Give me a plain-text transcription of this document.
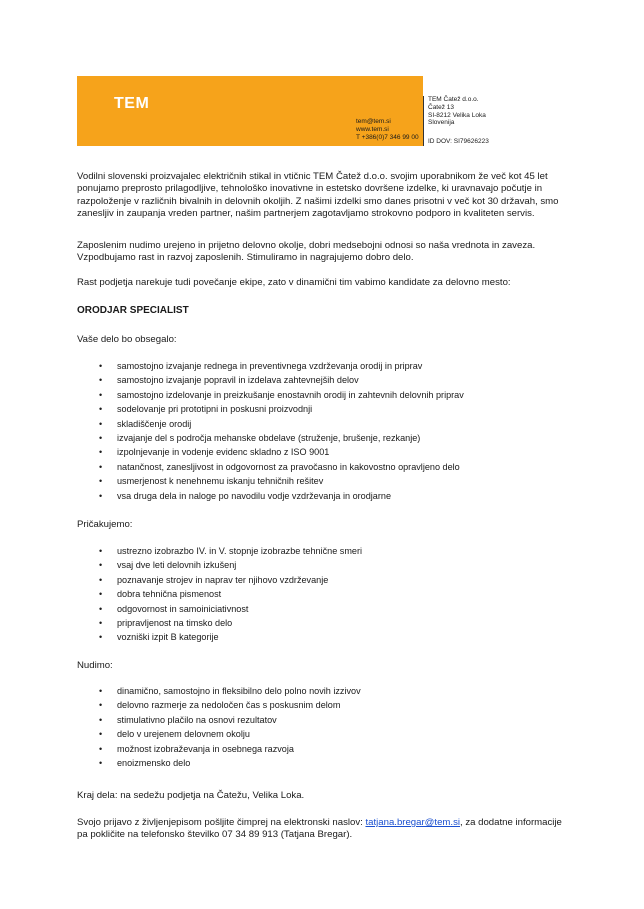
TEM
tem@tem.si
www.tem.si
T +386(0)7 346 99 00
TEM Čatež d.o.o.
Čatež 13
SI-8212 Velika Loka
Slovenija
ID DOV: SI79626223

Vodilni slovenski proizvajalec električnih stikal in vtičnic TEM Čatež d.o.o. svojim uporabnikom že več kot 45 let ponujamo preprosto prilagodljive, tehnološko inovativne in estetsko dovršene izdelke, ki uravnavajo počutje in razpoloženje v različnih bivalnih in delovnih okoljih. Z našimi izdelki smo danes prisotni v več kot 30 državah, smo zanesljiv in zaupanja vreden partner, našim partnerjem zagotavljamo strokovno podporo in kvaliteten servis.

Zaposlenim nudimo urejeno in prijetno delovno okolje, dobri medsebojni odnosi so naša vrednota in zaveza. Vzpodbujamo rast in razvoj zaposlenih. Stimuliramo in nagrajujemo dobro delo.

Rast podjetja narekuje tudi povečanje ekipe, zato v dinamični tim vabimo kandidate za delovno mesto:

ORODJAR SPECIALIST
Vaše delo bo obsegalo:
• samostojno izvajanje rednega in preventivnega vzdrževanja orodij in priprav
• samostojno izvajanje popravil in izdelava zahtevnejših delov
• samostojno izdelovanje in preizkušanje enostavnih orodij in zahtevnih delovnih priprav
• sodelovanje pri prototipni in poskusni proizvodnji
• skladiščenje orodij
• izvajanje del s področja mehanske obdelave (struženje, brušenje, rezkanje)
• izpolnjevanje in vodenje evidenc skladno z ISO 9001
• natančnost, zanesljivost in odgovornost za pravočasno in kakovostno opravljeno delo
• usmerjenost k nenehnemu iskanju tehničnih rešitev
• vsa druga dela in naloge po navodilu vodje vzdrževanja in orodjarne
Pričakujemo:
• ustrezno izobrazbo IV. in V. stopnje izobrazbe tehnične smeri
• vsaj dve leti delovnih izkušenj
• poznavanje strojev in naprav ter njihovo vzdrževanje
• dobra tehnična pismenost
• odgovornost in samoiniciativnost
• pripravljenost na timsko delo
• vozniški izpit B kategorije
Nudimo:
• dinamično, samostojno in fleksibilno delo polno novih izzivov
• delovno razmerje za nedoločen čas s poskusnim delom
• stimulativno plačilo na osnovi rezultatov
• delo v urejenem delovnem okolju
• možnost izobraževanja in osebnega razvoja
• enoizmensko delo
Kraj dela: na sedežu podjetja na Čatežu, Velika Loka.

Svojo prijavo z življenjepisom pošljite čimprej na elektronski naslov: tatjana.bregar@tem.si, za dodatne informacije pa pokličite na telefonsko številko 07 34 89 913 (Tatjana Bregar).
